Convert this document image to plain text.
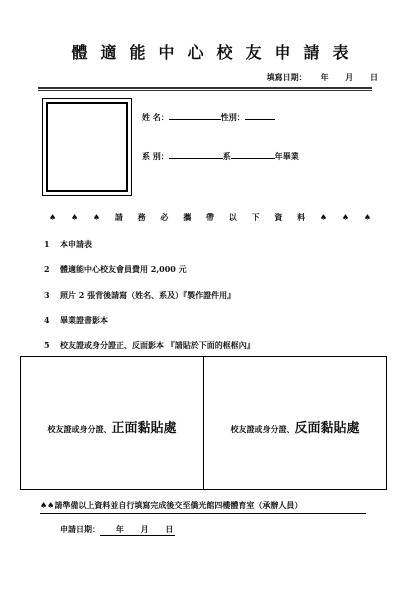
體適能中心校友申請表
填寫日期：     年      月      日
姓 名：	性別：
系 別：	系	年畢業
♠ ♠ ♠ 請 務 必 攜 帶 以 下 資 料 ♠ ♠ ♠
1 本申請表
2 體適能中心校友會員費用 2,000 元
3 照片 2 張背後請寫（姓名、系及）『製作證件用』
4 畢業證書影本
5 校友證或身分證正、反面影本 『請貼於下面的框框內』
校友證或身分證、正面黏貼處	校友證或身分證、反面黏貼處
♠♠請準備以上資料並自行填寫完成後交至僑光館四樓體育室（承辦人員）
申請日期：     年      月      日
